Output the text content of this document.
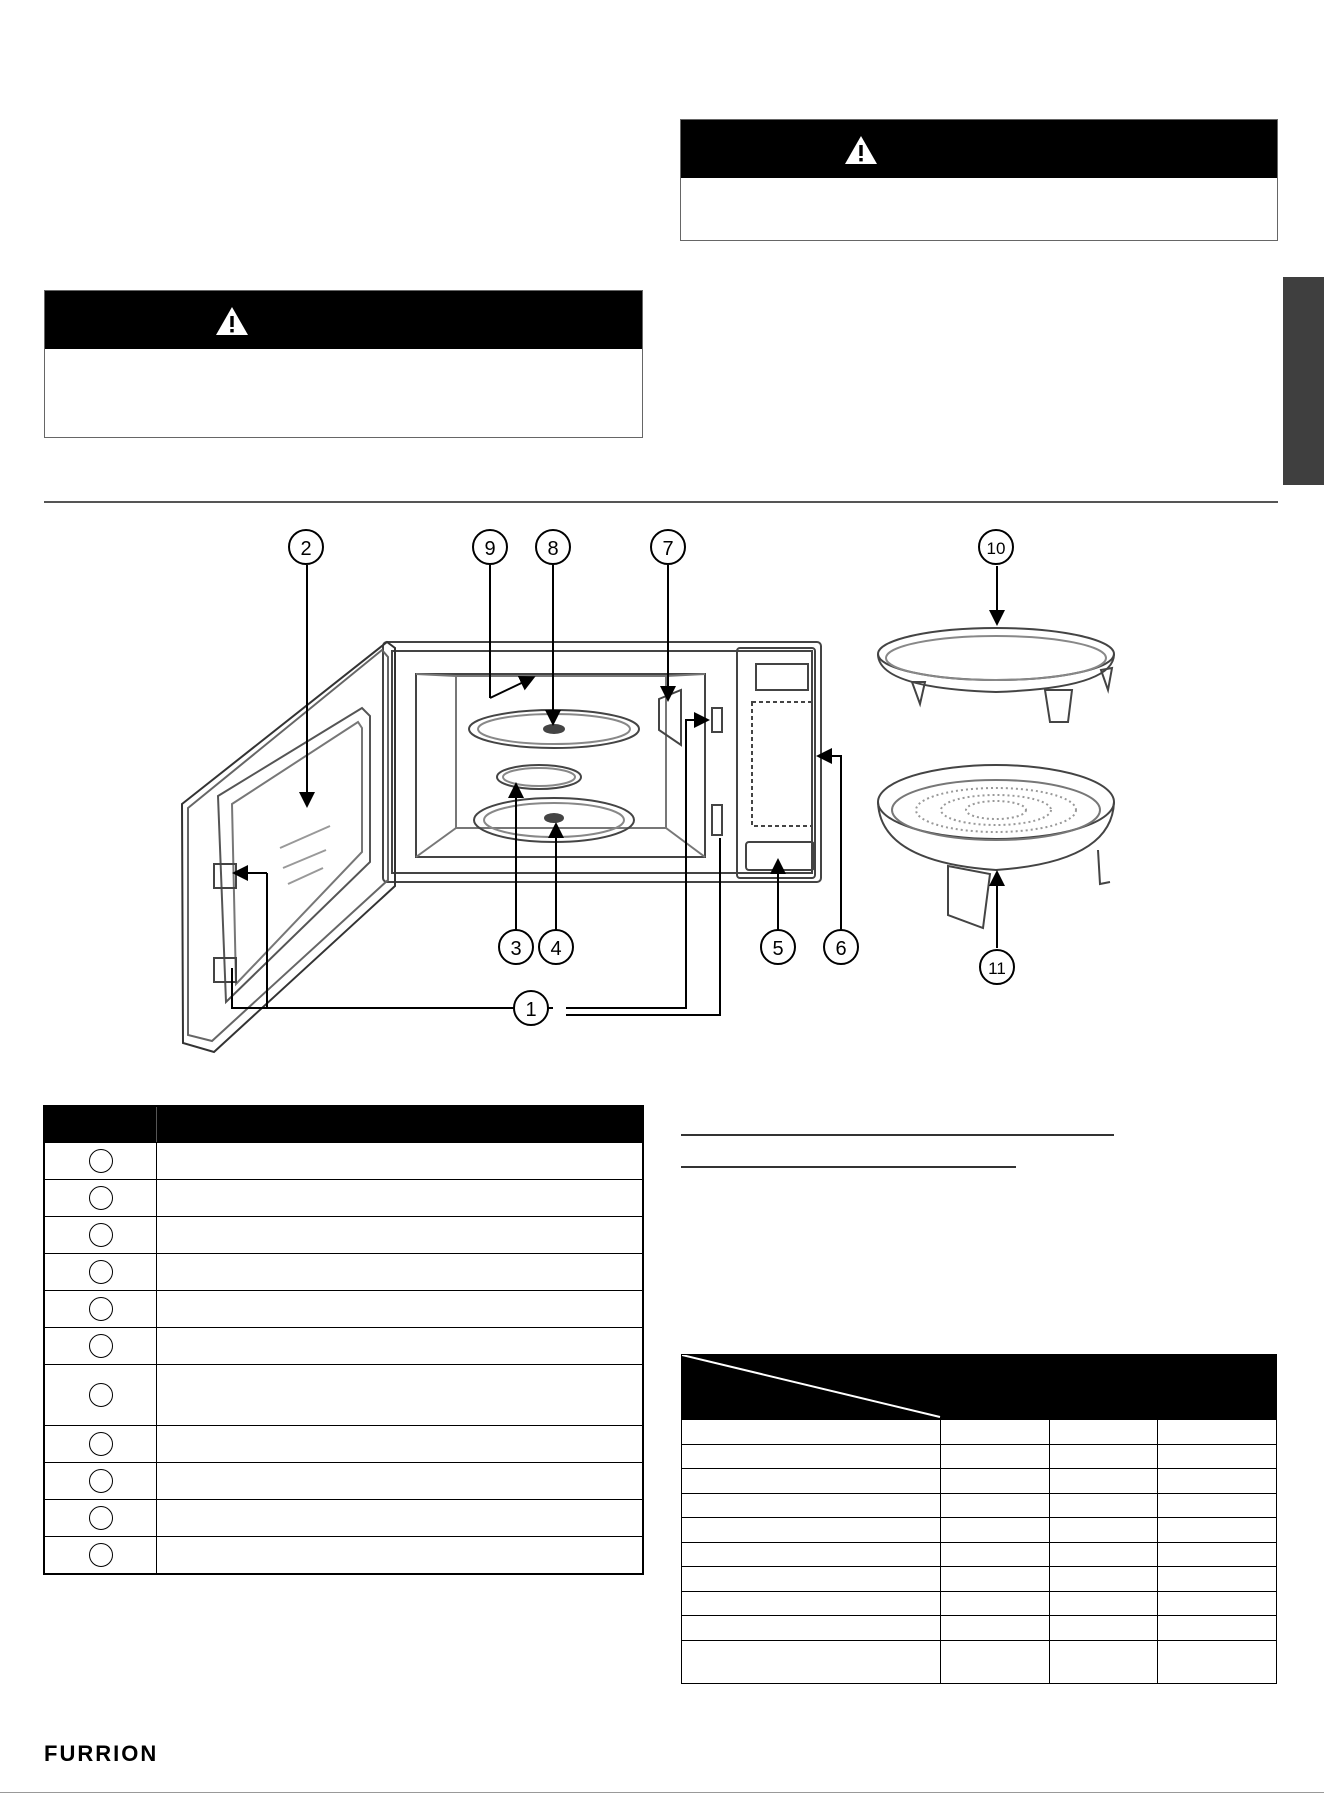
2	9	8	7	10
3 4	5	6
11
1
FURRION
